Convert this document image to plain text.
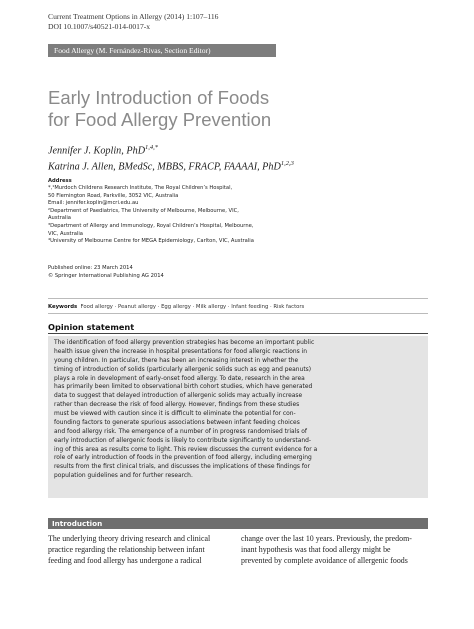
Current Treatment Options in Allergy (2014) 1:107–116
DOI 10.1007/s40521-014-0017-x
Food Allergy (M. Fernández-Rivas, Section Editor)
Early Introduction of Foods
for Food Allergy Prevention
Jennifer J. Koplin, PhD$^{1,4,*}$
Katrina J. Allen, BMedSc, MBBS, FRACP, FAAAAI, PhD$^{1,2,3}$
Address
*,¹Murdoch Childrens Research Institute, The Royal Children’s Hospital,
50 Flemington Road, Parkville, 3052 VIC, Australia
Email: jennifer.koplin@mcri.edu.au
²Department of Paediatrics, The University of Melbourne, Melbourne, VIC,
Australia
³Department of Allergy and Immunology, Royal Children’s Hospital, Melbourne,
VIC, Australia
⁴University of Melbourne Centre for MEGA Epidemiology, Carlton, VIC, Australia
Published online: 23 March 2014
© Springer International Publishing AG 2014
Keywords Food allergy · Peanut allergy · Egg allergy · Milk allergy · Infant feeding · Risk factors
Opinion statement
The identification of food allergy prevention strategies has become an important public
health issue given the increase in hospital presentations for food allergic reactions in
young children. In particular, there has been an increasing interest in whether the
timing of introduction of solids (particularly allergenic solids such as egg and peanuts)
plays a role in development of early-onset food allergy. To date, research in the area
has primarily been limited to observational birth cohort studies, which have generated
data to suggest that delayed introduction of allergenic solids may actually increase
rather than decrease the risk of food allergy. However, findings from these studies
must be viewed with caution since it is difficult to eliminate the potential for con-
founding factors to generate spurious associations between infant feeding choices
and food allergy risk. The emergence of a number of in progress randomised trials of
early introduction of allergenic foods is likely to contribute significantly to understand-
ing of this area as results come to light. This review discusses the current evidence for a
role of early introduction of foods in the prevention of food allergy, including emerging
results from the first clinical trials, and discusses the implications of these findings for
population guidelines and for further research.
Introduction
The underlying theory driving research and clinical
practice regarding the relationship between infant
feeding and food allergy has undergone a radical
change over the last 10 years. Previously, the predom-
inant hypothesis was that food allergy might be
prevented by complete avoidance of allergenic foods
